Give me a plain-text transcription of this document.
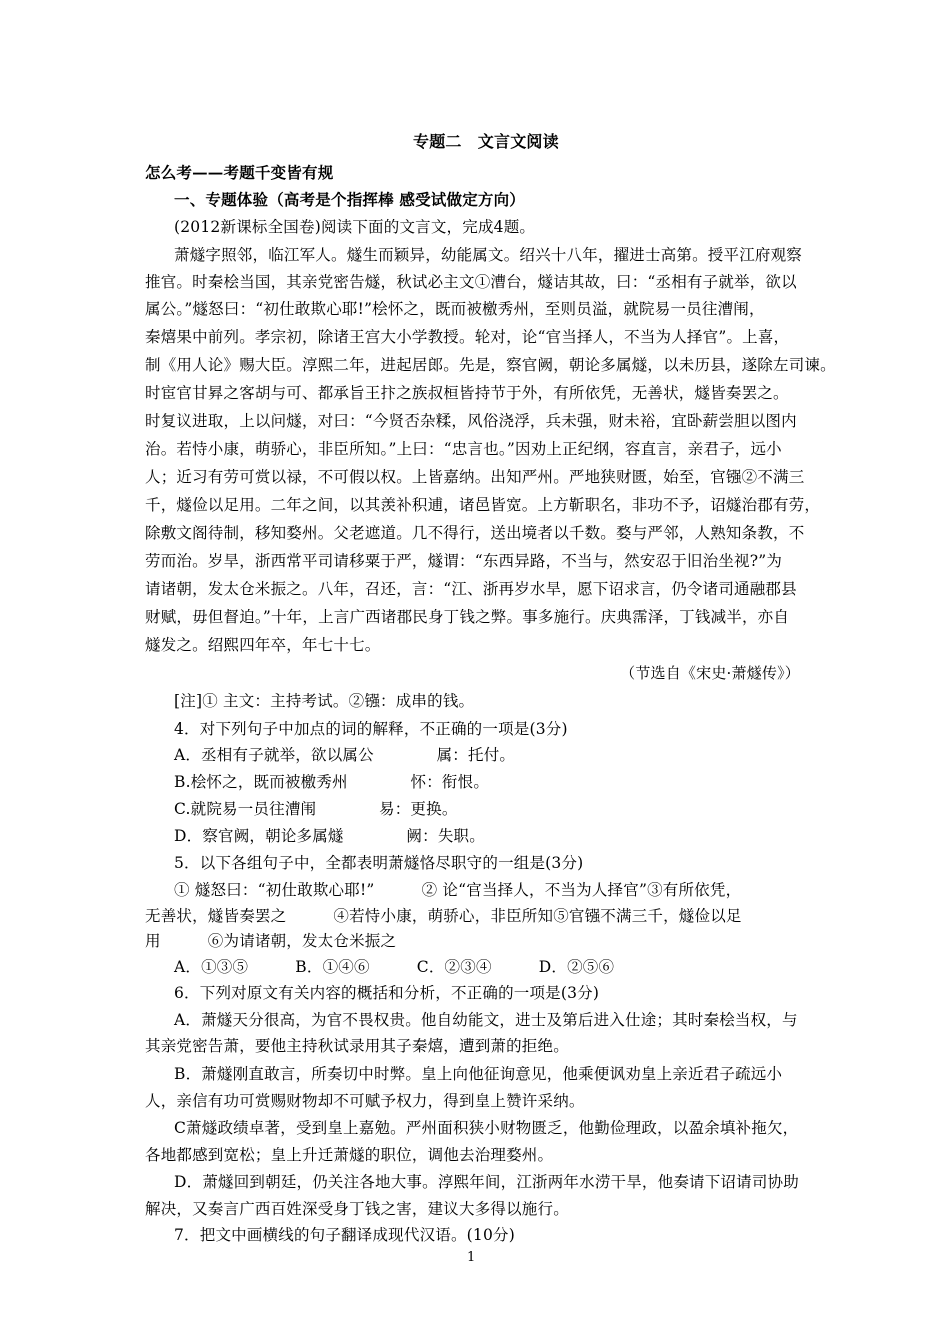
专题二　文言文阅读
怎么考——考题千变皆有规
一、专题体验（高考是个指挥棒 感受试做定方向）
(2012新课标全国卷)阅读下面的文言文，完成4题。
萧燧字照邻，临江军人。燧生而颖异，幼能属文。绍兴十八年，擢进士高第。授平江府观察
推官。时秦桧当国，其亲党密告燧，秋试必主文①漕台，燧诘其故，曰：“丞相有子就举，欲以
属公。”燧怒曰：“初仕敢欺心耶!”桧怀之，既而被檄秀州，至则员溢，就院易一员往漕闱，
秦熺果中前列。孝宗初，除诸王宫大小学教授。轮对，论“官当择人，不当为人择官”。上喜，
制《用人论》赐大臣。淳熙二年，进起居郎。先是，察官阙，朝论多属燧，以未历县，遂除左司谏。
时宦官甘昪之客胡与可、都承旨王抃之族叔桓皆持节于外，有所依凭，无善状，燧皆奏罢之。
时复议进取，上以问燧，对曰：“今贤否杂糅，风俗浇浮，兵未强，财未裕，宜卧薪尝胆以图内
治。若恃小康，萌骄心，非臣所知。”上曰：“忠言也。”因劝上正纪纲，容直言，亲君子，远小
人；近习有劳可赏以禄，不可假以权。上皆嘉纳。出知严州。严地狭财匮，始至，官镪②不满三
千，燧俭以足用。二年之间，以其羡补积逋，诸邑皆宽。上方靳职名，非功不予，诏燧治郡有劳，
除敷文阁待制，移知婺州。父老遮道。几不得行，送出境者以千数。婺与严邻，人熟知条教，不
劳而治。岁旱，浙西常平司请移粟于严，燧谓：“东西异路，不当与，然安忍于旧治坐视?”为
请诸朝，发太仓米振之。八年，召还，言：“江、浙再岁水旱，愿下诏求言，仍令诸司通融郡县
财赋，毋但督迫。”十年，上言广西诸郡民身丁钱之弊。事多施行。庆典霈泽，丁钱减半，亦自
燧发之。绍熙四年卒，年七十七。
（节选自《宋史·萧燧传》）
[注]① 主文：主持考试。②镪：成串的钱。
4．对下列句子中加点的词的解释，不正确的一项是(3分)
A．丞相有子就举，欲以属公　　　　属：托付。
B.桧怀之，既而被檄秀州　　　　怀：衔恨。
C.就院易一员往漕闱　　　　易：更换。
D．察官阙，朝论多属燧　　　　阙：失职。
5．以下各组句子中，全都表明萧燧恪尽职守的一组是(3分)
① 燧怒曰：“初仕敢欺心耶!”　　　② 论“官当择人，不当为人择官”③有所依凭，
无善状，燧皆奏罢之　　　④若恃小康，萌骄心，非臣所知⑤官镪不满三千，燧俭以足
用　　　⑥为请诸朝，发太仓米振之
A．①③⑤　　　B．①④⑥　　　C．②③④　　　D．②⑤⑥
6．下列对原文有关内容的概括和分析，不正确的一项是(3分)
A．萧燧天分很高，为官不畏权贵。他自幼能文，进士及第后进入仕途；其时秦桧当权，与
其亲党密告萧，要他主持秋试录用其子秦熺，遭到萧的拒绝。
B．萧燧刚直敢言，所奏切中时弊。皇上向他征询意见，他乘便讽劝皇上亲近君子疏远小
人，亲信有功可赏赐财物却不可赋予权力，得到皇上赞许采纳。
C萧燧政绩卓著，受到皇上嘉勉。严州面积狭小财物匮乏，他勤俭理政，以盈余填补拖欠，
各地都感到宽松；皇上升迁萧燧的职位，调他去治理婺州。
D．萧燧回到朝廷，仍关注各地大事。淳熙年间，江浙两年水涝干旱，他奏请下诏请司协助
解决，又奏言广西百姓深受身丁钱之害，建议大多得以施行。
7．把文中画横线的句子翻译成现代汉语。(10分)
1
